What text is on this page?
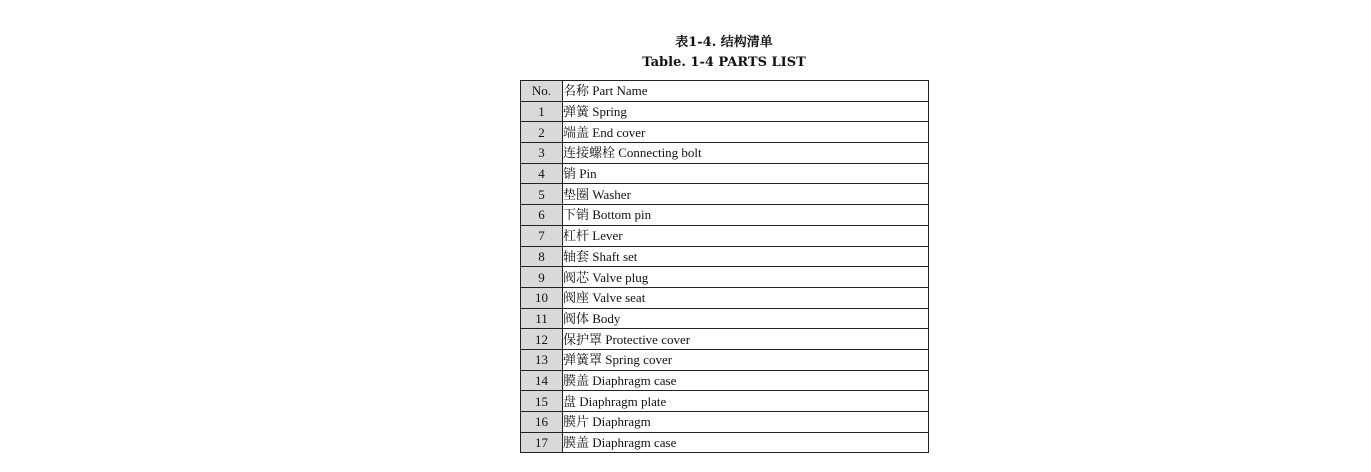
表1-4. 结构清单
Table. 1-4 PARTS LIST
No.	名称 Part Name
1	弹簧 Spring
2	端盖 End cover
3	连接螺栓 Connecting bolt
4	销 Pin
5	垫圈 Washer
6	下销 Bottom pin
7	杠杆 Lever
8	轴套 Shaft set
9	阀芯 Valve plug
10	阀座 Valve seat
11	阀体 Body
12	保护罩 Protective cover
13	弹簧罩 Spring cover
14	膜盖 Diaphragm case
15	盘 Diaphragm plate
16	膜片 Diaphragm
17	膜盖 Diaphragm case
